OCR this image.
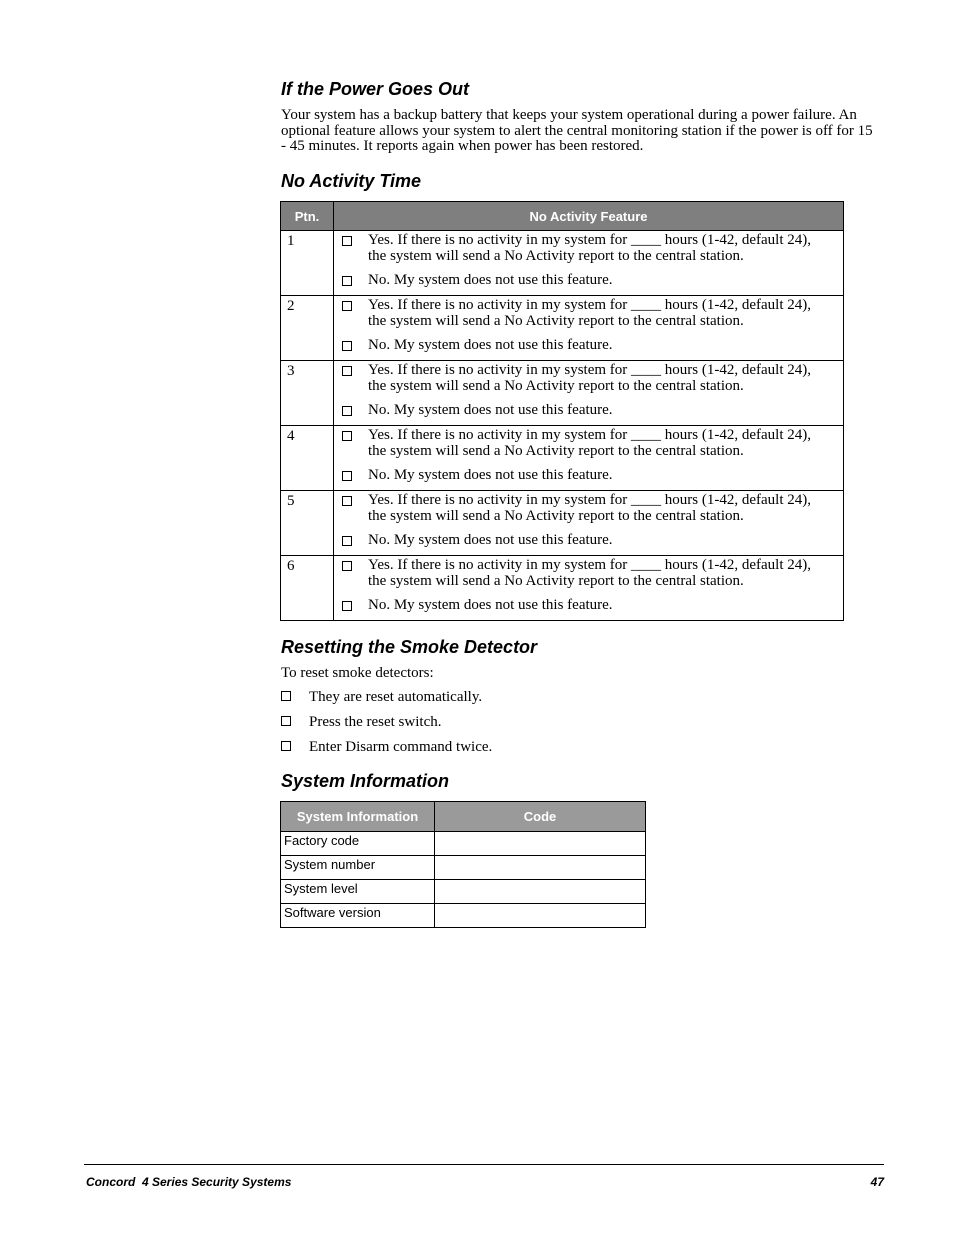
If the Power Goes Out

Your system has a backup battery that keeps your system operational during a power failure. An optional feature allows your system to alert the central monitoring station if the power is off for 15 - 45 minutes. It reports again when power has been restored.

No Activity Time
Ptn.	No Activity Feature
1	Yes. If there is no activity in my system for ____ hours (1-42, default 24), the system will send a No Activity report to the central station.
No. My system does not use this feature.

2	Yes. If there is no activity in my system for ____ hours (1-42, default 24), the system will send a No Activity report to the central station.
No. My system does not use this feature.

3	Yes. If there is no activity in my system for ____ hours (1-42, default 24), the system will send a No Activity report to the central station.
No. My system does not use this feature.

4	Yes. If there is no activity in my system for ____ hours (1-42, default 24), the system will send a No Activity report to the central station.
No. My system does not use this feature.

5	Yes. If there is no activity in my system for ____ hours (1-42, default 24), the system will send a No Activity report to the central station.
No. My system does not use this feature.

6	Yes. If there is no activity in my system for ____ hours (1-42, default 24), the system will send a No Activity report to the central station.
No. My system does not use this feature.
Resetting the Smoke Detector
To reset smoke detectors:
They are reset automatically.
Press the reset switch.
Enter Disarm command twice.
System Information
System Information	Code
Factory code	
System number	
System level	
Software version	
Concord  4 Series Security Systems	47
